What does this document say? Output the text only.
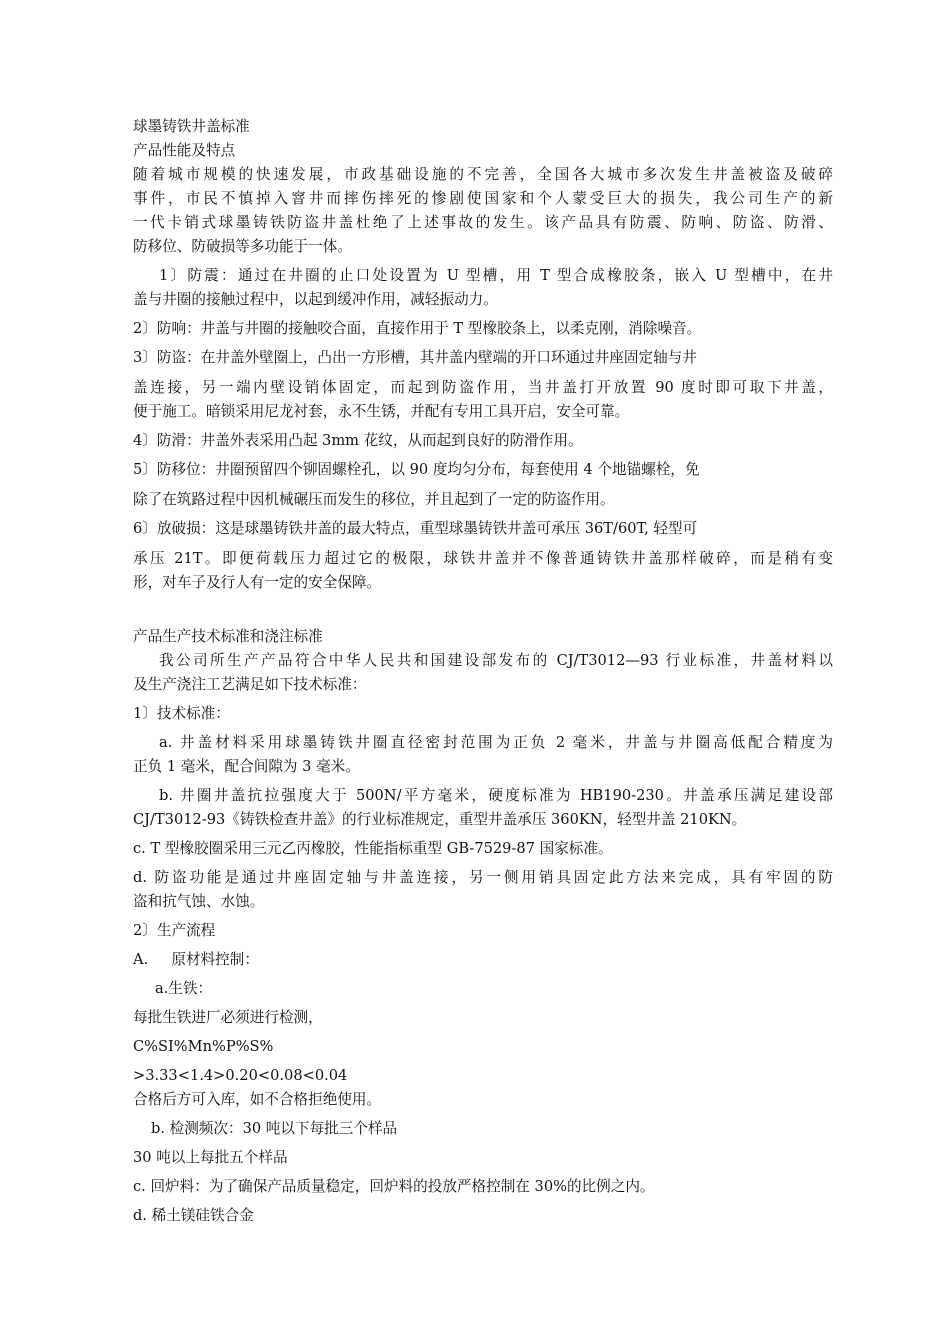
球墨铸铁井盖标准
产品性能及特点
随着城市规模的快速发展，市政基础设施的不完善，全国各大城市多次发生井盖被盗及破碎
事件，市民不慎掉入窨井而摔伤摔死的惨剧使国家和个人蒙受巨大的损失，我公司生产的新
一代卡销式球墨铸铁防盗井盖杜绝了上述事故的发生。该产品具有防震、防响、防盗、防滑、
防移位、防破损等多功能于一体。
1〕防震：通过在井圈的止口处设置为 U 型槽，用 T 型合成橡胶条，嵌入 U 型槽中，在井
盖与井圈的接触过程中，以起到缓冲作用，减轻振动力。
2〕防响：井盖与井圈的接触咬合面，直接作用于 T 型橡胶条上，以柔克刚，消除噪音。
3〕防盗：在井盖外壁圈上，凸出一方形槽，其井盖内壁端的开口环通过井座固定轴与井
盖连接，另一端内壁设销体固定，而起到防盗作用，当井盖打开放置 90 度时即可取下井盖，
便于施工。暗锁采用尼龙衬套，永不生锈，并配有专用工具开启，安全可靠。
4〕防滑：井盖外表采用凸起 3mm 花纹，从而起到良好的防滑作用。
5〕防移位：井圈预留四个铆固螺栓孔，以 90 度均匀分布，每套使用 4 个地锚螺栓，免
除了在筑路过程中因机械碾压而发生的移位，并且起到了一定的防盗作用。
6〕放破损：这是球墨铸铁井盖的最大特点，重型球墨铸铁井盖可承压 36T/60T, 轻型可
承压 21T。即便荷载压力超过它的极限，球铁井盖并不像普通铸铁井盖那样破碎，而是稍有变
形，对车子及行人有一定的安全保障。
产品生产技术标准和浇注标准
我公司所生产产品符合中华人民共和国建设部发布的 CJ/T3012—93 行业标准，井盖材料以
及生产浇注工艺满足如下技术标准：
1〕技术标准：
a. 井盖材料采用球墨铸铁井圈直径密封范围为正负 2 毫米，井盖与井圈高低配合精度为
正负 1 毫米，配合间隙为 3 毫米。
b. 井圈井盖抗拉强度大于 500N/平方毫米，硬度标准为 HB190-230。井盖承压满足建设部
CJ/T3012-93《铸铁检查井盖》的行业标准规定，重型井盖承压 360KN，轻型井盖 210KN。
c. T 型橡胶圈采用三元乙丙橡胶，性能指标重型 GB-7529-87 国家标准。
d. 防盗功能是通过井座固定轴与井盖连接，另一侧用销具固定此方法来完成，具有牢固的防
盗和抗气蚀、水蚀。
2〕生产流程
A.     原材料控制：
a.生铁：
每批生铁进厂必须进行检测，
C%SI%Mn%P%S%
>3.33<1.4>0.20<0.08<0.04
合格后方可入库，如不合格拒绝使用。
b. 检测频次：30 吨以下每批三个样品
30 吨以上每批五个样品
c. 回炉料：为了确保产品质量稳定，回炉料的投放严格控制在 30%的比例之内。
d. 稀土镁硅铁合金
